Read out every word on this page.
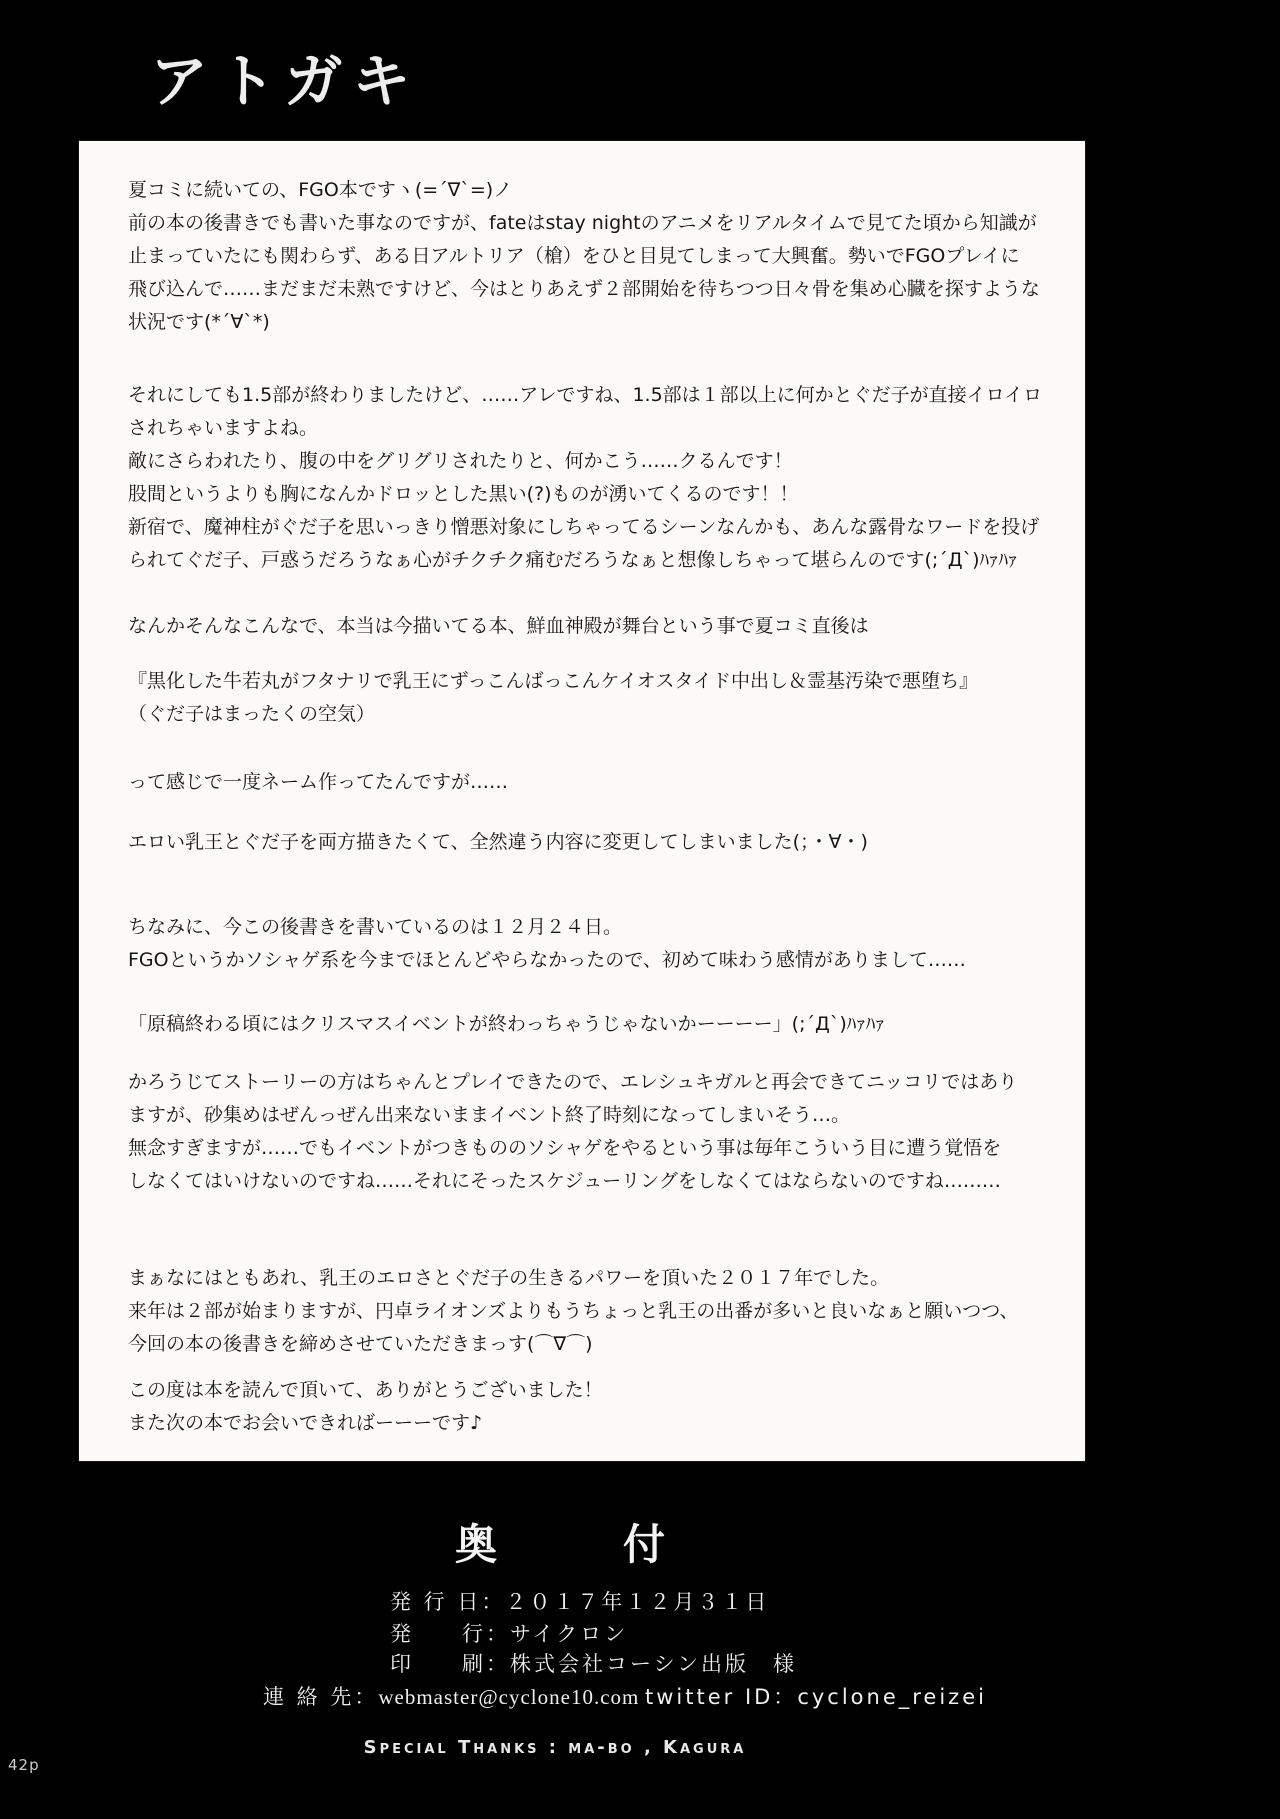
アトガキ

夏コミに続いての、FGO本ですヽ(=´∇`=)ノ
前の本の後書きでも書いた事なのですが、fateはstay nightのアニメをリアルタイムで見てた頃から知識が
止まっていたにも関わらず、ある日アルトリア（槍）をひと目見てしまって大興奮。勢いでFGOプレイに
飛び込んで……まだまだ未熟ですけど、今はとりあえず２部開始を待ちつつ日々骨を集め心臓を探すような
状況です(*´∀`*)

それにしても1.5部が終わりましたけど、……アレですね、1.5部は１部以上に何かとぐだ子が直接イロイロ
されちゃいますよね。
敵にさらわれたり、腹の中をグリグリされたりと、何かこう……クるんです！
股間というよりも胸になんかドロッとした黒い(?)ものが湧いてくるのです！！
新宿で、魔神柱がぐだ子を思いっきり憎悪対象にしちゃってるシーンなんかも、あんな露骨なワードを投げ
られてぐだ子、戸惑うだろうなぁ心がチクチク痛むだろうなぁと想像しちゃって堪らんのです(;´Д`)ﾊｧﾊｧ

なんかそんなこんなで、本当は今描いてる本、鮮血神殿が舞台という事で夏コミ直後は

『黒化した牛若丸がフタナリで乳王にずっこんばっこんケイオスタイド中出し＆霊基汚染で悪堕ち』
（ぐだ子はまったくの空気）

って感じで一度ネーム作ってたんですが……

エロい乳王とぐだ子を両方描きたくて、全然違う内容に変更してしまいました(；・∀・)

ちなみに、今この後書きを書いているのは１２月２４日。
FGOというかソシャゲ系を今までほとんどやらなかったので、初めて味わう感情がありまして……

「原稿終わる頃にはクリスマスイベントが終わっちゃうじゃないかーーーー」(;´Д`)ﾊｧﾊｧ

かろうじてストーリーの方はちゃんとプレイできたので、エレシュキガルと再会できてニッコリではあり
ますが、砂集めはぜんっぜん出来ないままイベント終了時刻になってしまいそう…。
無念すぎますが……でもイベントがつきもののソシャゲをやるという事は毎年こういう目に遭う覚悟を
しなくてはいけないのですね……それにそったスケジューリングをしなくてはならないのですね………

まぁなにはともあれ、乳王のエロさとぐだ子の生きるパワーを頂いた２０１７年でした。
来年は２部が始まりますが、円卓ライオンズよりもうちょっと乳王の出番が多いと良いなぁと願いつつ、
今回の本の後書きを締めさせていただきまっす(⌒∇⌒)

この度は本を読んで頂いて、ありがとうございました！
また次の本でお会いできればーーーです♪

奥　　付
発 行 日：２０１７年１２月３１日
発　　行：サイクロン
印　　刷：株式会社コーシン出版　様
連 絡 先：webmaster@cyclone10.com twitter ID：cyclone_reizei
Special Thanks : ma-bo , Kagura
42p
